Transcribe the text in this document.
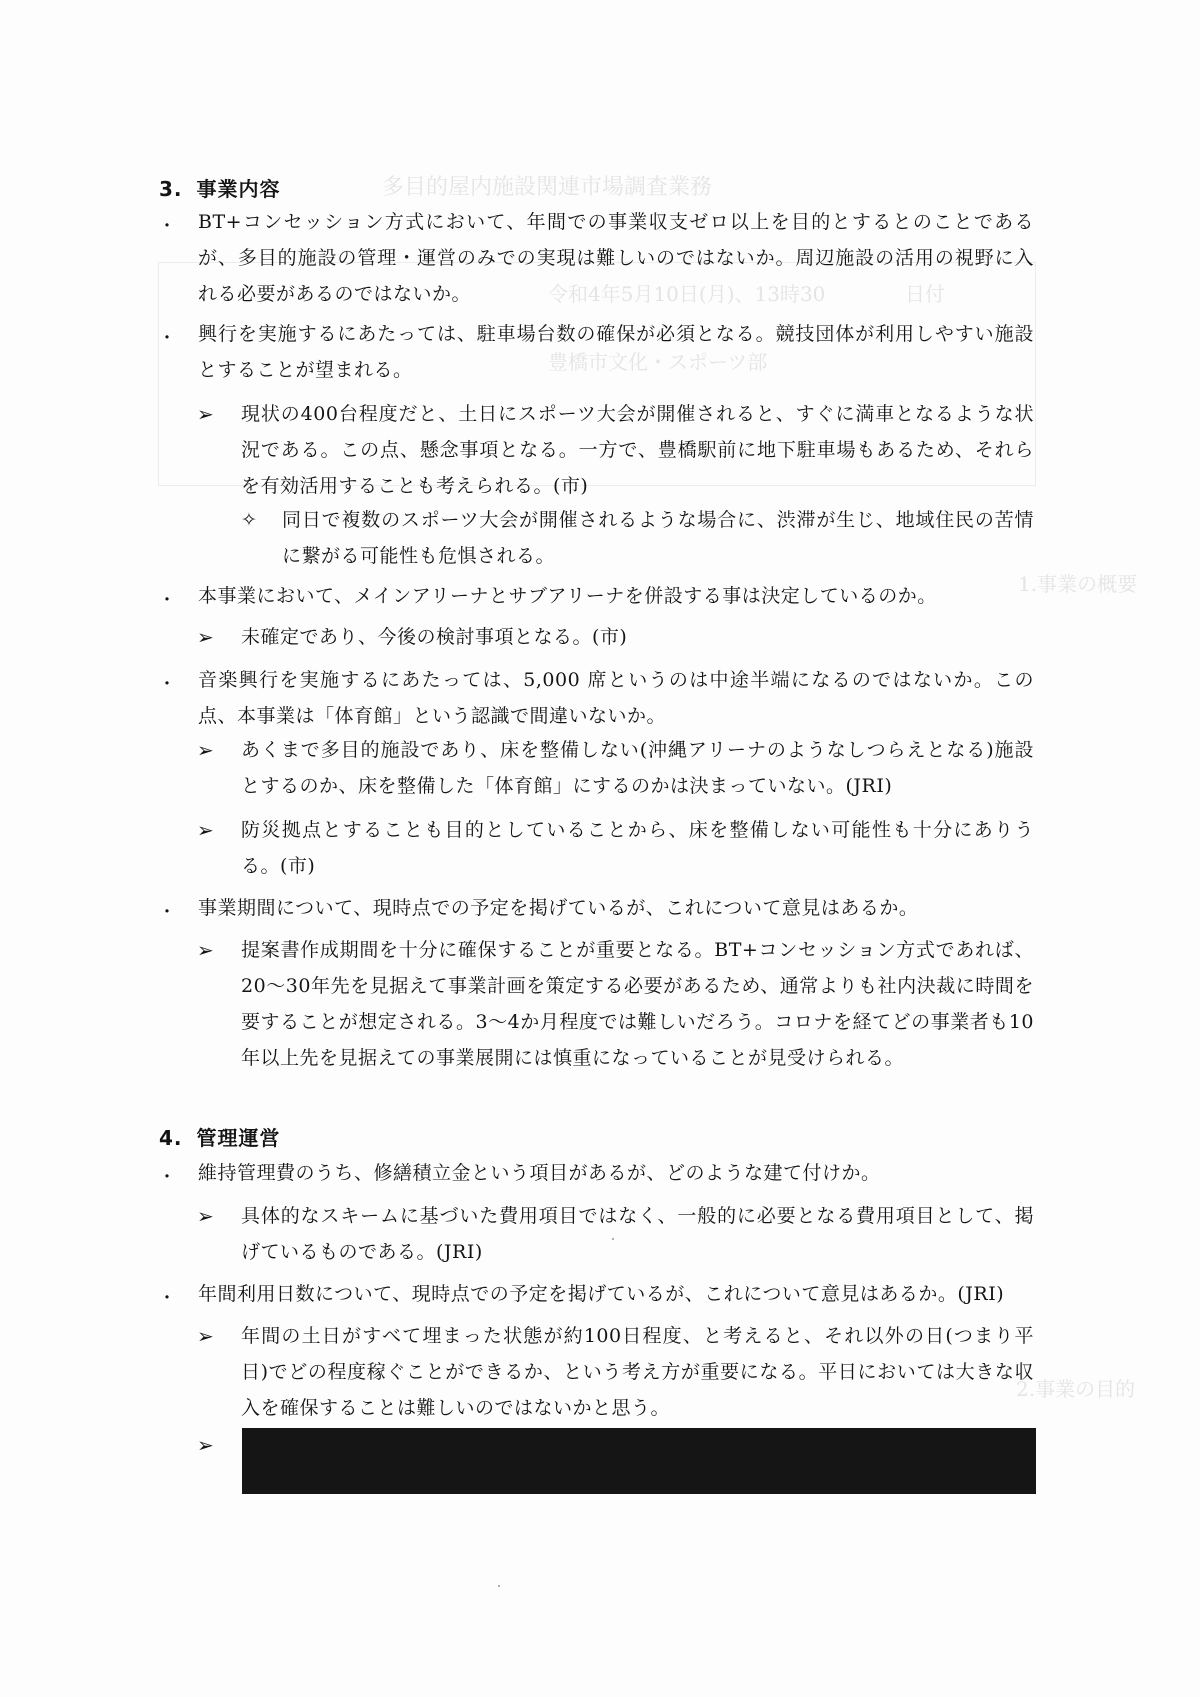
多目的屋内施設関連市場調査業務
日付
令和4年5月10日(月)、13時30
豊橋市文化・スポーツ部
1.事業の概要
2.事業の目的
3. 事業内容
・ BT+コンセッション方式において、年間での事業収支ゼロ以上を目的とするとのことであるが、多目的施設の管理・運営のみでの実現は難しいのではないか。周辺施設の活用の視野に入れる必要があるのではないか。
・ 興行を実施するにあたっては、駐車場台数の確保が必須となる。競技団体が利用しやすい施設とすることが望まれる。
➢ 現状の400台程度だと、土日にスポーツ大会が開催されると、すぐに満車となるような状況である。この点、懸念事項となる。一方で、豊橋駅前に地下駐車場もあるため、それらを有効活用することも考えられる。(市)
✧ 同日で複数のスポーツ大会が開催されるような場合に、渋滞が生じ、地域住民の苦情に繋がる可能性も危惧される。
・ 本事業において、メインアリーナとサブアリーナを併設する事は決定しているのか。
➢ 未確定であり、今後の検討事項となる。(市)
・ 音楽興行を実施するにあたっては、5,000 席というのは中途半端になるのではないか。この点、本事業は「体育館」という認識で間違いないか。
➢ あくまで多目的施設であり、床を整備しない(沖縄アリーナのようなしつらえとなる)施設とするのか、床を整備した「体育館」にするのかは決まっていない。(JRI)
➢ 防災拠点とすることも目的としていることから、床を整備しない可能性も十分にありうる。(市)
・ 事業期間について、現時点での予定を掲げているが、これについて意見はあるか。
➢ 提案書作成期間を十分に確保することが重要となる。BT+コンセッション方式であれば、20〜30年先を見据えて事業計画を策定する必要があるため、通常よりも社内決裁に時間を要することが想定される。3〜4か月程度では難しいだろう。コロナを経てどの事業者も10年以上先を見据えての事業展開には慎重になっていることが見受けられる。
4. 管理運営
・ 維持管理費のうち、修繕積立金という項目があるが、どのような建て付けか。
➢ 具体的なスキームに基づいた費用項目ではなく、一般的に必要となる費用項目として、掲げているものである。(JRI)
・ 年間利用日数について、現時点での予定を掲げているが、これについて意見はあるか。(JRI)
➢ 年間の土日がすべて埋まった状態が約100日程度、と考えると、それ以外の日(つまり平日)でどの程度稼ぐことができるか、という考え方が重要になる。平日においては大きな収入を確保することは難しいのではないかと思う。
➢
